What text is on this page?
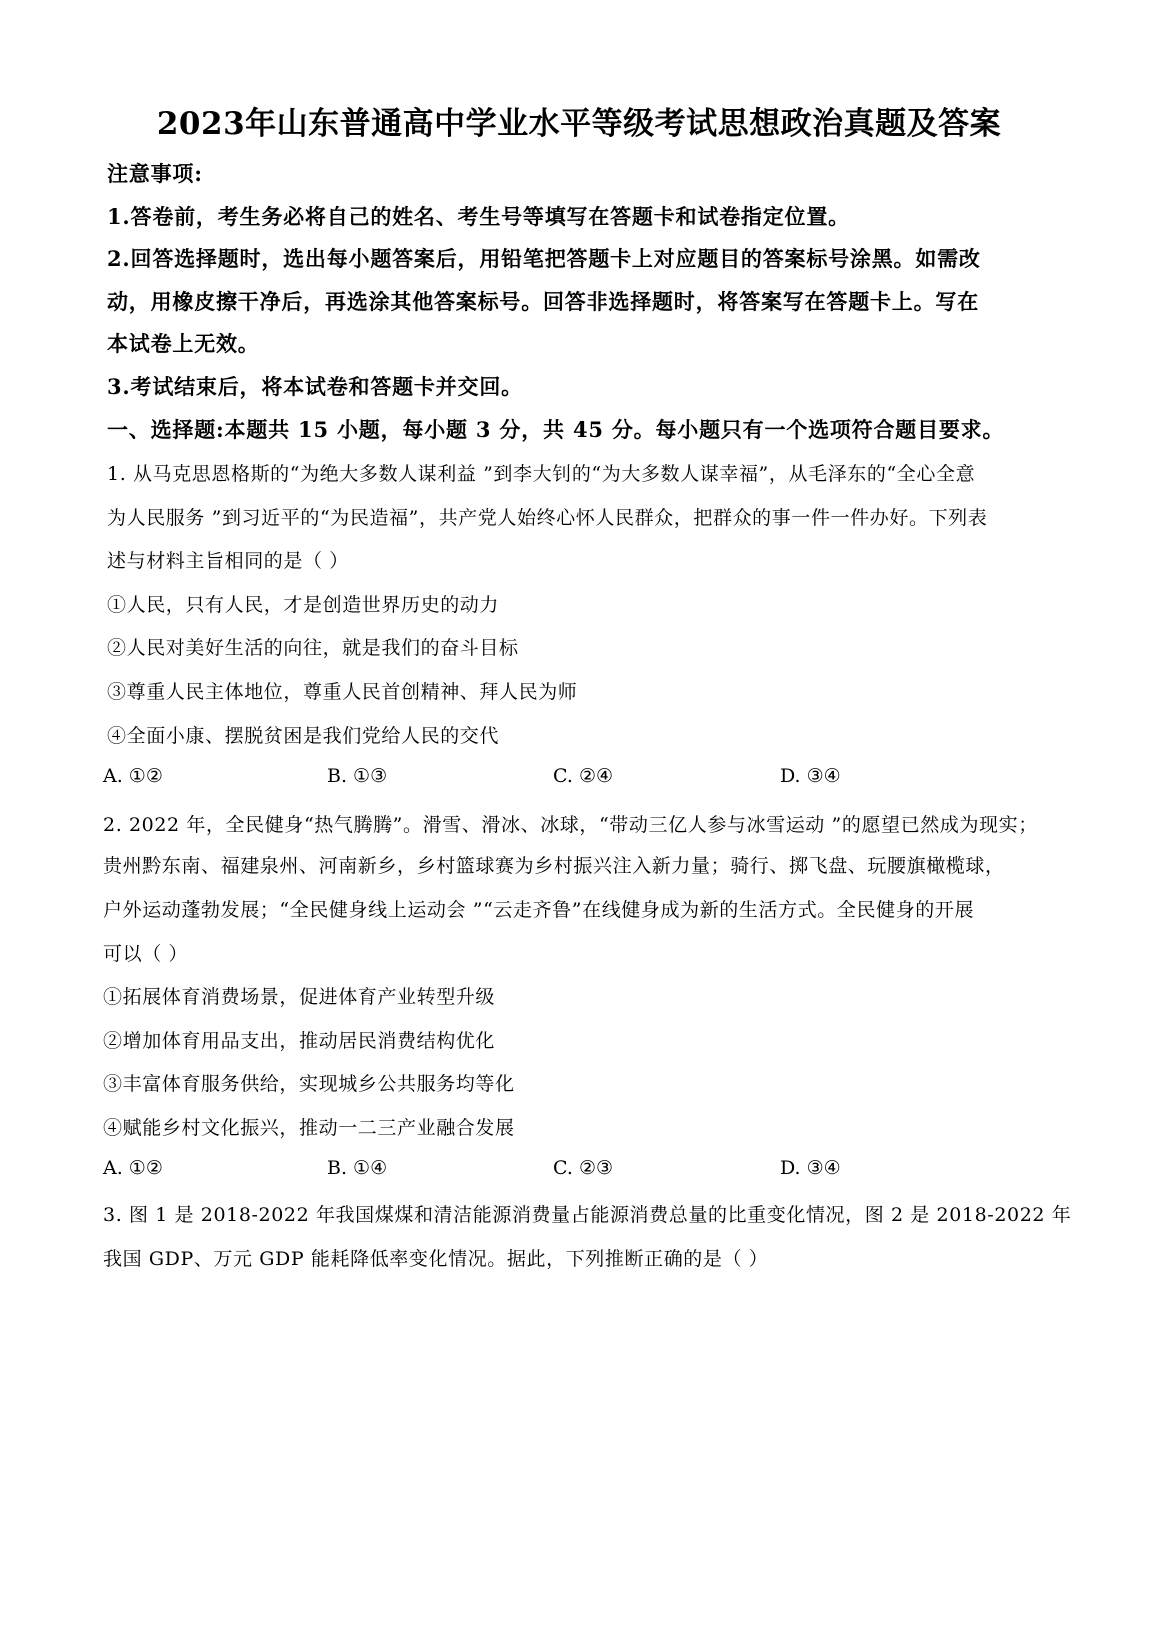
2023年山东普通高中学业水平等级考试思想政治真题及答案
注意事项:
1.答卷前，考生务必将自己的姓名、考生号等填写在答题卡和试卷指定位置。
2.回答选择题时，选出每小题答案后，用铅笔把答题卡上对应题目的答案标号涂黑。如需改
动，用橡皮擦干净后，再选涂其他答案标号。回答非选择题时，将答案写在答题卡上。写在
本试卷上无效。
3.考试结束后，将本试卷和答题卡并交回。
一、选择题:本题共 15 小题，每小题 3 分，共 45 分。每小题只有一个选项符合题目要求。
1. 从马克思恩格斯的“为绝大多数人谋利益 ”到李大钊的“为大多数人谋幸福”，从毛泽东的“全心全意
为人民服务 ”到习近平的“为民造福”，共产党人始终心怀人民群众，把群众的事一件一件办好。下列表
述与材料主旨相同的是（ ）
①人民，只有人民，才是创造世界历史的动力
②人民对美好生活的向往，就是我们的奋斗目标
③尊重人民主体地位，尊重人民首创精神、拜人民为师
④全面小康、摆脱贫困是我们党给人民的交代
A. ①②	B. ①③	C. ②④	D. ③④
2. 2022 年，全民健身“热气腾腾”。滑雪、滑冰、冰球，“带动三亿人参与冰雪运动 ”的愿望已然成为现实；
贵州黔东南、福建泉州、河南新乡，乡村篮球赛为乡村振兴注入新力量；骑行、掷飞盘、玩腰旗橄榄球，
户外运动蓬勃发展；“全民健身线上运动会 ”“云走齐鲁”在线健身成为新的生活方式。全民健身的开展
可以（ ）
①拓展体育消费场景，促进体育产业转型升级
②增加体育用品支出，推动居民消费结构优化
③丰富体育服务供给，实现城乡公共服务均等化
④赋能乡村文化振兴，推动一二三产业融合发展
A. ①②	B. ①④	C. ②③	D. ③④
3. 图 1 是 2018-2022 年我国煤煤和清洁能源消费量占能源消费总量的比重变化情况，图 2 是 2018-2022 年
我国 GDP、万元 GDP 能耗降低率变化情况。据此，下列推断正确的是（ ）
